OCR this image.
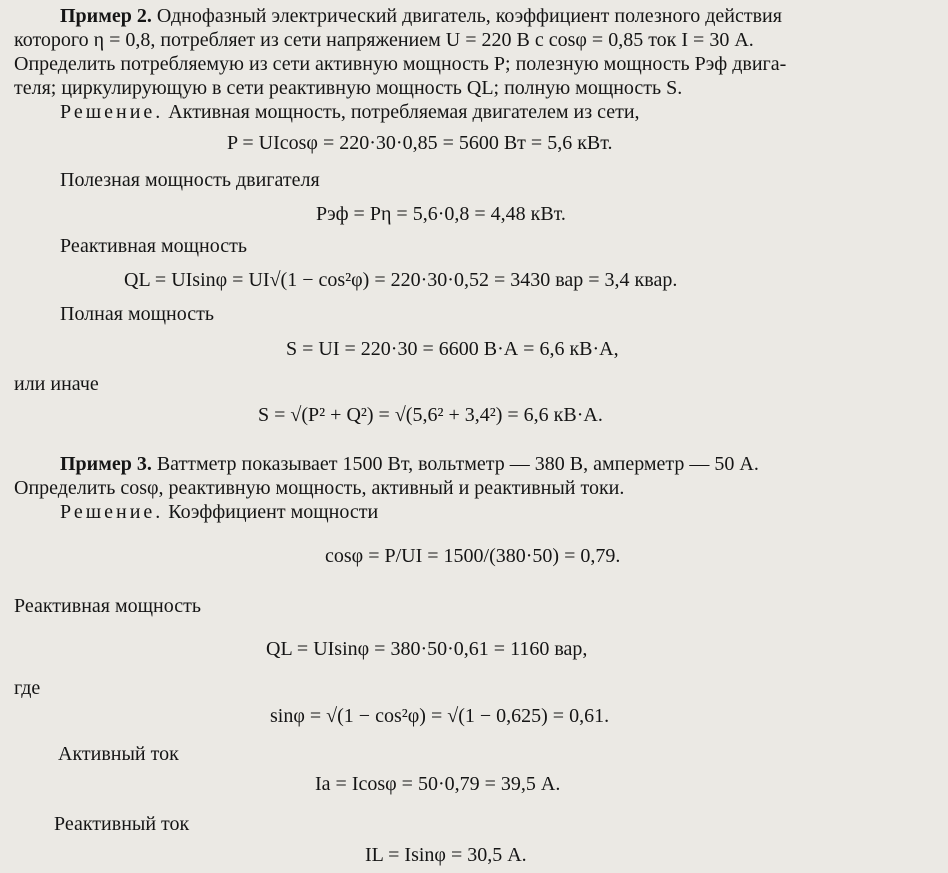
Пример 2. Однофазный электрический двигатель, коэффициент полезного действия
которого η = 0,8, потребляет из сети напряжением U = 220 В с cosφ = 0,85 ток I = 30 А.
Определить потребляемую из сети активную мощность P; полезную мощность Pэф двига-
теля; циркулирующую в сети реактивную мощность QL; полную мощность S.
Решение. Активная мощность, потребляемая двигателем из сети,
P = UIcosφ = 220·30·0,85 = 5600 Вт = 5,6 кВт.
Полезная мощность двигателя
Pэф = Pη = 5,6·0,8 = 4,48 кВт.
Реактивная мощность
QL = UIsinφ = UI√(1 − cos²φ) = 220·30·0,52 = 3430 вар = 3,4 квар.
Полная мощность
S = UI = 220·30 = 6600 В·А = 6,6 кВ·А,
или иначе
S = √(P² + Q²) = √(5,6² + 3,4²) = 6,6 кВ·А.
Пример 3. Ваттметр показывает 1500 Вт, вольтметр — 380 В, амперметр — 50 А.
Определить cosφ, реактивную мощность, активный и реактивный токи.
Решение. Коэффициент мощности
cosφ = P/UI = 1500/(380·50) = 0,79.
Реактивная мощность
QL = UIsinφ = 380·50·0,61 = 1160 вар,
где
sinφ = √(1 − cos²φ) = √(1 − 0,625) = 0,61.
Активный ток
Iа = Icosφ = 50·0,79 = 39,5 А.
Реактивный ток
IL = Isinφ = 30,5 А.
